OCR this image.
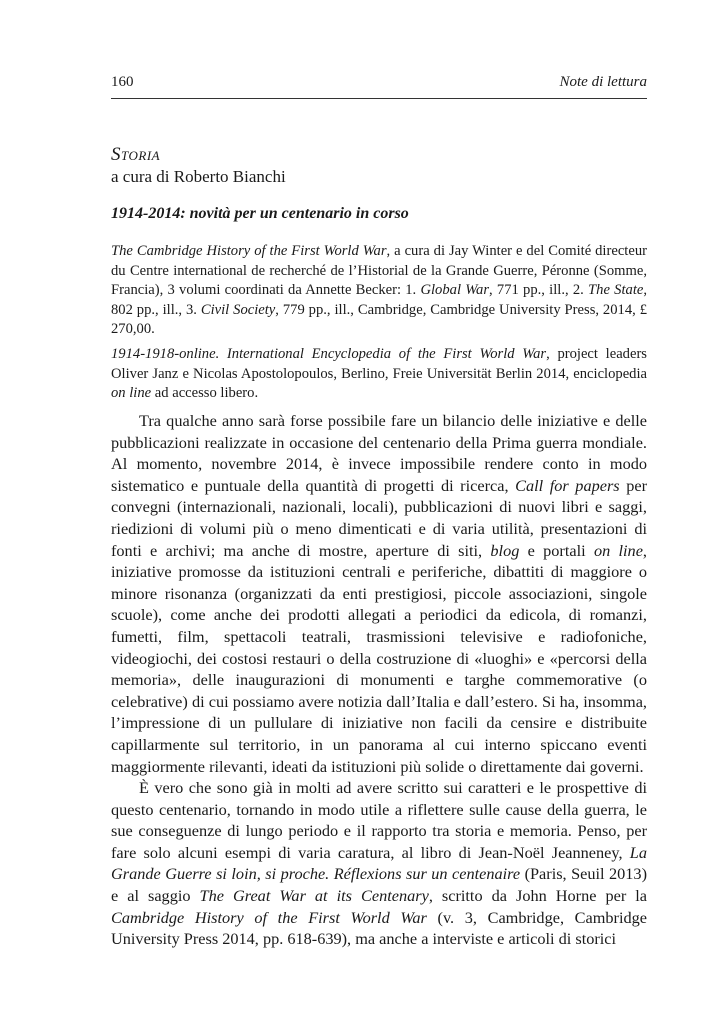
160	Note di lettura
Storia
a cura di Roberto Bianchi
1914-2014: novità per un centenario in corso
The Cambridge History of the First World War, a cura di Jay Winter e del Comité directeur du Centre international de recherché de l’Historial de la Grande Guerre, Péronne (Somme, Francia), 3 volumi coordinati da Annette Becker: 1. Global War, 771 pp., ill., 2. The State, 802 pp., ill., 3. Civil Society, 779 pp., ill., Cambridge, Cambridge University Press, 2014, £ 270,00.
1914-1918-online. International Encyclopedia of the First World War, project leaders Oliver Janz e Nicolas Apostolopoulos, Berlino, Freie Universität Berlin 2014, enciclopedia on line ad accesso libero.

Tra qualche anno sarà forse possibile fare un bilancio delle iniziative e delle pubblicazioni realizzate in occasione del centenario della Prima guerra mondiale. Al momento, novembre 2014, è invece impossibile rendere conto in modo sistematico e puntuale della quantità di progetti di ricerca, Call for papers per convegni (internazionali, nazionali, locali), pubblicazioni di nuovi libri e saggi, riedizioni di volumi più o meno dimenticati e di varia utilità, presentazioni di fonti e archivi; ma anche di mostre, aperture di siti, blog e portali on line, iniziative promosse da istituzioni centrali e periferiche, dibattiti di maggiore o minore risonanza (organizzati da enti prestigiosi, piccole associazioni, singole scuole), come anche dei prodotti allegati a periodici da edicola, di romanzi, fumetti, film, spettacoli teatrali, trasmissioni televisive e radiofoniche, videogiochi, dei costosi restauri o della costruzione di «luoghi» e «percorsi della memoria», delle inaugurazioni di monumenti e targhe commemorative (o celebrative) di cui possiamo avere notizia dall’Italia e dall’estero. Si ha, insomma, l’impressione di un pullulare di iniziative non facili da censire e distribuite capillarmente sul territorio, in un panorama al cui interno spiccano eventi maggiormente rilevanti, ideati da istituzioni più solide o direttamente dai governi.

È vero che sono già in molti ad avere scritto sui caratteri e le prospettive di questo centenario, tornando in modo utile a riflettere sulle cause della guerra, le sue conseguenze di lungo periodo e il rapporto tra storia e memoria. Penso, per fare solo alcuni esempi di varia caratura, al libro di Jean-Noël Jeanneney, La Grande Guerre si loin, si proche. Réflexions sur un centenaire (Paris, Seuil 2013) e al saggio The Great War at its Centenary, scritto da John Horne per la Cambridge History of the First World War (v. 3, Cambridge, Cambridge University Press 2014, pp. 618-639), ma anche a interviste e articoli di storici
